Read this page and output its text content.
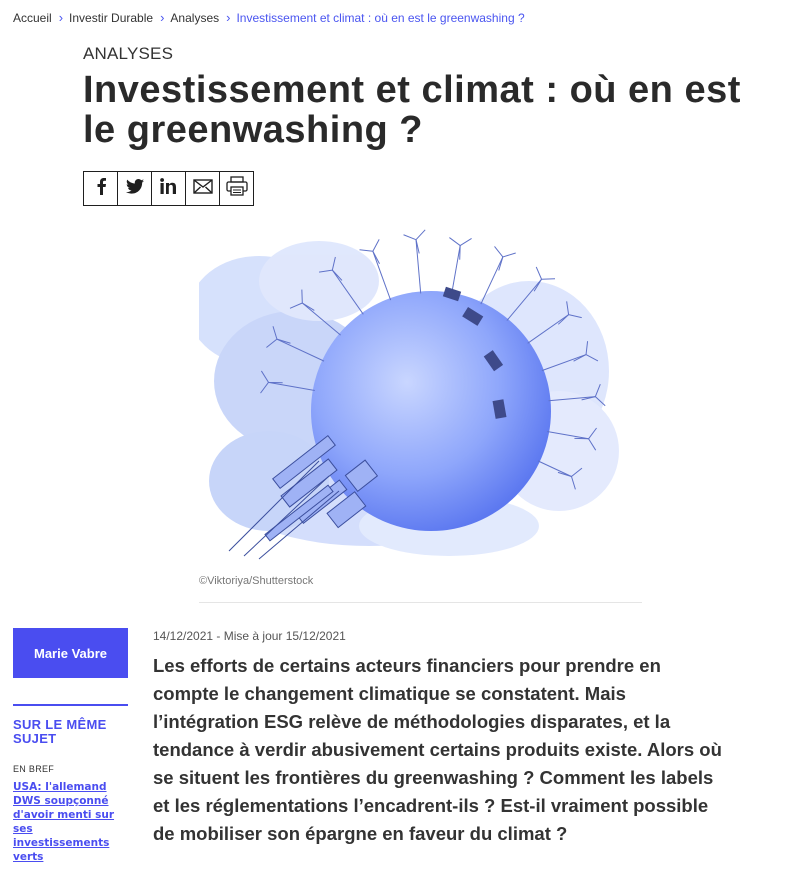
Accueil › Investir Durable › Analyses › Investissement et climat : où en est le greenwashing ?
ANALYSES
Investissement et climat : où en est le greenwashing ?
©Viktoriya/Shutterstock
Marie Vabre
SUR LE MÊME SUJET
EN BREF
USA: l'allemand DWS soupçonné d'avoir menti sur ses investissements verts
14/12/2021 - Mise à jour 15/12/2021

Les efforts de certains acteurs financiers pour prendre en compte le changement climatique se constatent. Mais l’intégration ESG relève de méthodologies disparates, et la tendance à verdir abusivement certains produits existe. Alors où se situent les frontières du greenwashing ? Comment les labels et les réglementations l’encadrent-ils ? Est-il vraiment possible de mobiliser son épargne en faveur du climat ?
